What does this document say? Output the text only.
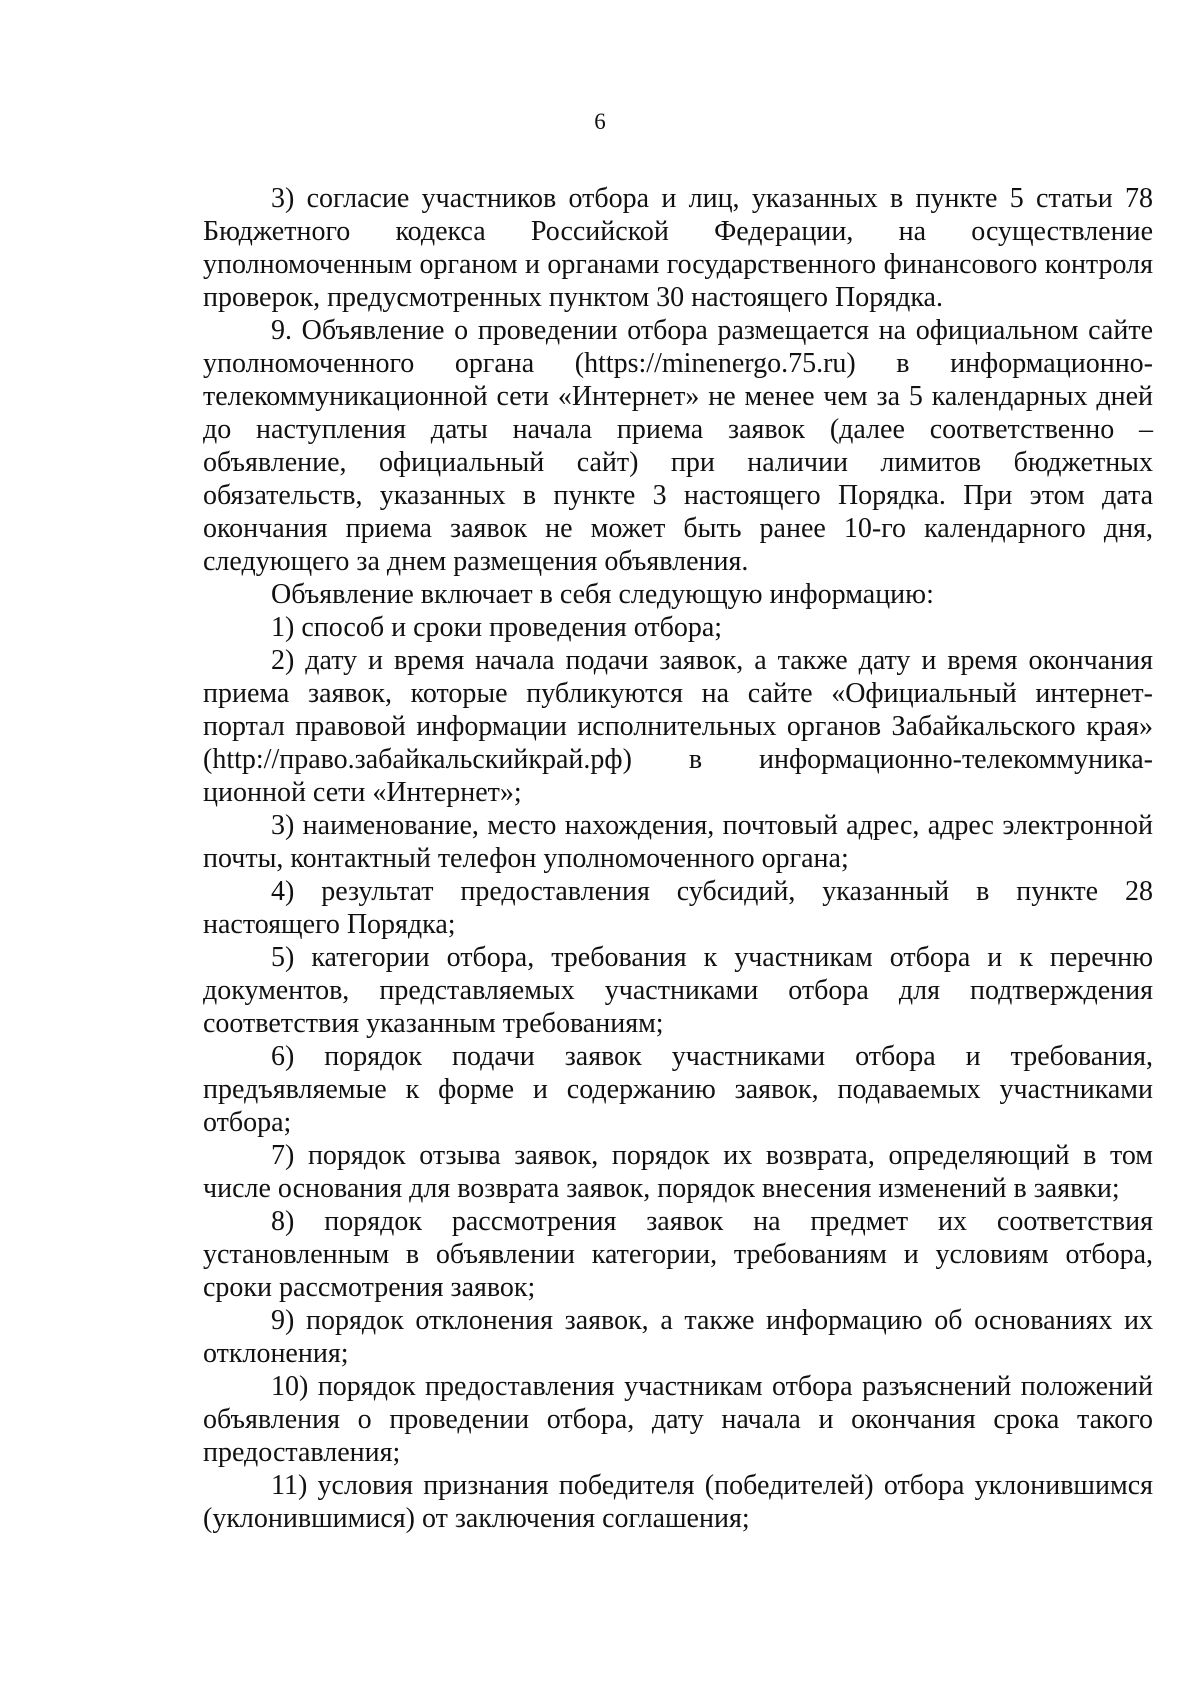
6

3) согласие участников отбора и лиц, указанных в пункте 5 статьи 78 Бюджетного кодекса Российской Федерации, на осуществление уполномоченным органом и органами государственного финансового контроля проверок, предусмотренных пунктом 30 настоящего Порядка.

9. Объявление о проведении отбора размещается на официальном сайте уполномоченного органа (https://minenergo.75.ru) в информационно-телекоммуникационной сети «Интернет» не менее чем за 5 календарных дней до наступления даты начала приема заявок (далее соответственно – объявление, официальный сайт) при наличии лимитов бюджетных обязательств, указанных в пункте 3 настоящего Порядка. При этом дата окончания приема заявок не может быть ранее 10-го календарного дня, следующего за днем размещения объявления.

Объявление включает в себя следующую информацию:

1) способ и сроки проведения отбора;

2) дату и время начала подачи заявок, а также дату и время окончания приема заявок, которые публикуются на сайте «Официальный интернет-портал правовой информации исполнительных органов Забайкальского края» (http://право.забайкальскийкрай.рф) в информационно-телекоммуника-ционной сети «Интернет»;

3) наименование, место нахождения, почтовый адрес, адрес электронной почты, контактный телефон уполномоченного органа;

4) результат предоставления субсидий, указанный в пункте 28 настоящего Порядка;

5) категории отбора, требования к участникам отбора и к перечню документов, представляемых участниками отбора для подтверждения соответствия указанным требованиям;

6) порядок подачи заявок участниками отбора и требования, предъявляемые к форме и содержанию заявок, подаваемых участниками отбора;

7) порядок отзыва заявок, порядок их возврата, определяющий в том числе основания для возврата заявок, порядок внесения изменений в заявки;

8) порядок рассмотрения заявок на предмет их соответствия установленным в объявлении категории, требованиям и условиям отбора, сроки рассмотрения заявок;

9) порядок отклонения заявок, а также информацию об основаниях их отклонения;

10) порядок предоставления участникам отбора разъяснений положений объявления о проведении отбора, дату начала и окончания срока такого предоставления;

11) условия признания победителя (победителей) отбора уклонившимся (уклонившимися) от заключения соглашения;
